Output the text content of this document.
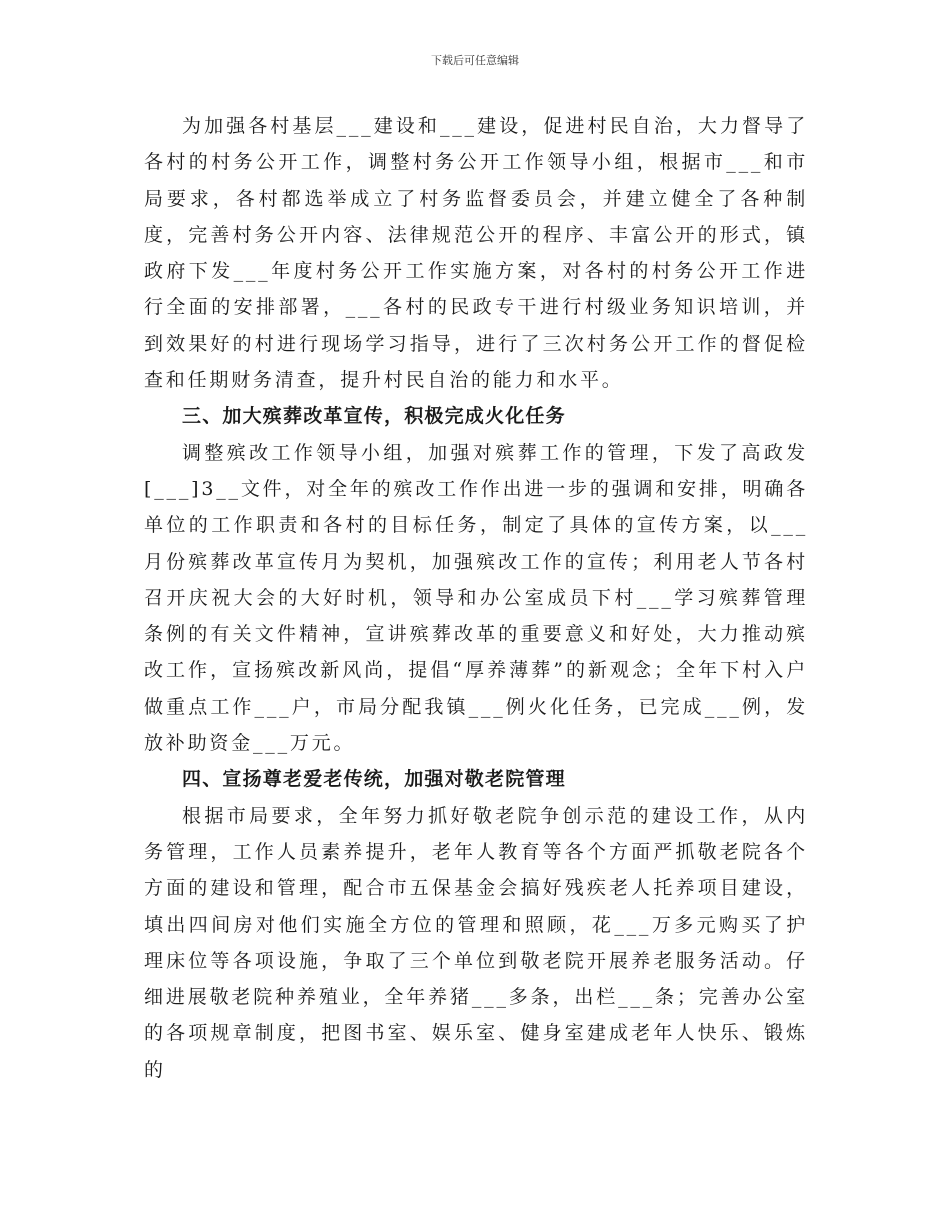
下载后可任意编辑

为加强各村基层___建设和___建设，促进村民自治，大力督导了各村的村务公开工作，调整村务公开工作领导小组，根据市___和市局要求，各村都选举成立了村务监督委员会，并建立健全了各种制度，完善村务公开内容、法律规范公开的程序、丰富公开的形式，镇政府下发___年度村务公开工作实施方案，对各村的村务公开工作进行全面的安排部署，___各村的民政专干进行村级业务知识培训，并到效果好的村进行现场学习指导，进行了三次村务公开工作的督促检查和任期财务清查，提升村民自治的能力和水平。

三、加大殡葬改革宣传，积极完成火化任务

调整殡改工作领导小组，加强对殡葬工作的管理，下发了高政发[___]3__文件，对全年的殡改工作作出进一步的强调和安排，明确各单位的工作职责和各村的目标任务，制定了具体的宣传方案，以___月份殡葬改革宣传月为契机，加强殡改工作的宣传；利用老人节各村召开庆祝大会的大好时机，领导和办公室成员下村___学习殡葬管理条例的有关文件精神，宣讲殡葬改革的重要意义和好处，大力推动殡改工作，宣扬殡改新风尚，提倡“厚养薄葬”的新观念；全年下村入户做重点工作___户，市局分配我镇___例火化任务，已完成___例，发放补助资金___万元。

四、宣扬尊老爱老传统，加强对敬老院管理

根据市局要求，全年努力抓好敬老院争创示范的建设工作，从内务管理，工作人员素养提升，老年人教育等各个方面严抓敬老院各个方面的建设和管理，配合市五保基金会搞好残疾老人托养项目建设，填出四间房对他们实施全方位的管理和照顾，花___万多元购买了护理床位等各项设施，争取了三个单位到敬老院开展养老服务活动。仔细进展敬老院种养殖业，全年养猪___多条，出栏___条；完善办公室的各项规章制度，把图书室、娱乐室、健身室建成老年人快乐、锻炼的
